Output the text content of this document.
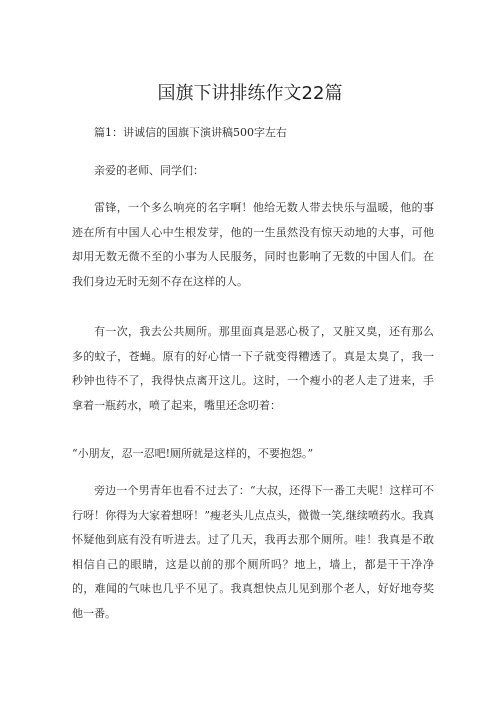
国旗下讲排练作文22篇
篇1：讲诚信的国旗下演讲稿500字左右
亲爱的老师、同学们：
雷锋，一个多么响亮的名字啊！他给无数人带去快乐与温暖，他的事迹在所有中国人心中生根发芽，他的一生虽然没有惊天动地的大事，可他却用无数无微不至的小事为人民服务，同时也影响了无数的中国人们。在我们身边无时无刻不存在这样的人。
有一次，我去公共厕所。那里面真是恶心极了，又脏又臭，还有那么多的蚊子，苍蝇。原有的好心情一下子就变得糟透了。真是太臭了，我一秒钟也待不了，我得快点离开这儿。这时，一个瘦小的老人走了进来，手拿着一瓶药水，喷了起来，嘴里还念叨着：
“小朋友，忍一忍吧!厕所就是这样的，不要抱怨。”
旁边一个男青年也看不过去了：“大叔，还得下一番工夫呢！这样可不行呀！你得为大家着想呀！”瘦老头儿点点头，微微一笑,继续喷药水。我真怀疑他到底有没有听进去。过了几天，我再去那个厕所。哇！我真是不敢相信自己的眼睛，这是以前的那个厕所吗？地上，墙上，都是干干净净的，难闻的气味也几乎不见了。我真想快点儿见到那个老人，好好地夸奖他一番。
